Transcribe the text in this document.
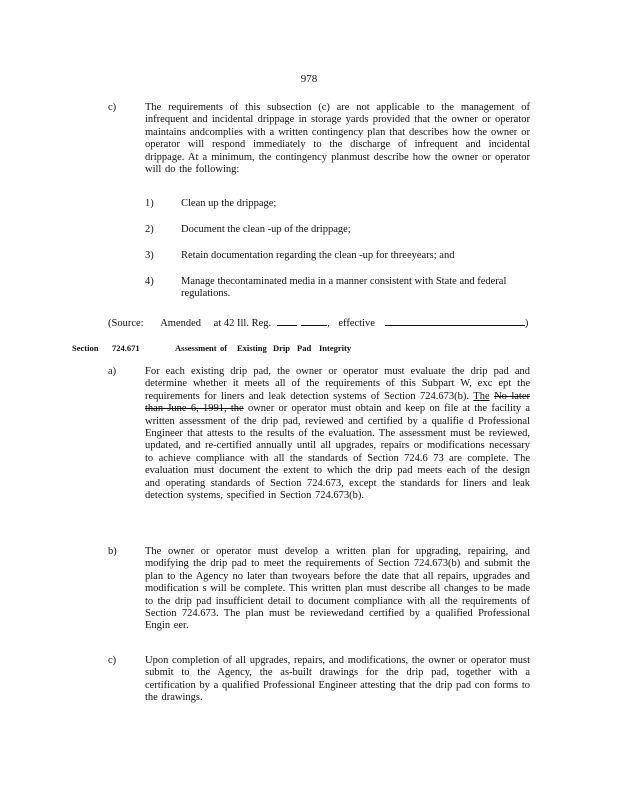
978
c)	The requirements of this subsection (c) are not applicable to the management of infrequent and incidental drippage in storage yards provided that the owner or operator maintains andcomplies with a written contingency plan that describes how the owner or operator will respond immediately to the discharge of infrequent and incidental drippage. At a minimum, the contingency planmust describe how the owner or operator will do the following:
1)	Clean up the drippage;
2)	Document the clean -up of the drippage;
3)	Retain documentation regarding the clean -up for threeyears; and
4)	Manage thecontaminated media in a manner consistent with State and federal regulations.
(Source: Amended at 42 Ill. Reg.	, effective	)
Section 724.671	Assessment of Existing Drip Pad Integrity
a)	For each existing drip pad, the owner or operator must evaluate the drip pad and determine whether it meets all of the requirements of this Subpart W, exc ept the requirements for liners and leak detection systems of Section 724.673(b). The No later than June 6, 1991, the owner or operator must obtain and keep on file at the facility a written assessment of the drip pad, reviewed and certified by a qualifie d Professional Engineer that attests to the results of the evaluation. The assessment must be reviewed, updated, and re-certified annually until all upgrades, repairs or modifications necessary to achieve compliance with all the standards of Section 724.6 73 are complete. The evaluation must document the extent to which the drip pad meets each of the design and operating standards of Section 724.673, except the standards for liners and leak detection systems, specified in Section 724.673(b).
b)	The owner or operator must develop a written plan for upgrading, repairing, and modifying the drip pad to meet the requirements of Section 724.673(b) and submit the plan to the Agency no later than twoyears before the date that all repairs, upgrades and modification s will be complete. This written plan must describe all changes to be made to the drip pad insufficient detail to document compliance with all the requirements of Section 724.673. The plan must be reviewedand certified by a qualified Professional Engin eer.
c)	Upon completion of all upgrades, repairs, and modifications, the owner or operator must submit to the Agency, the as-built drawings for the drip pad, together with a certification by a qualified Professional Engineer attesting that the drip pad con forms to the drawings.
